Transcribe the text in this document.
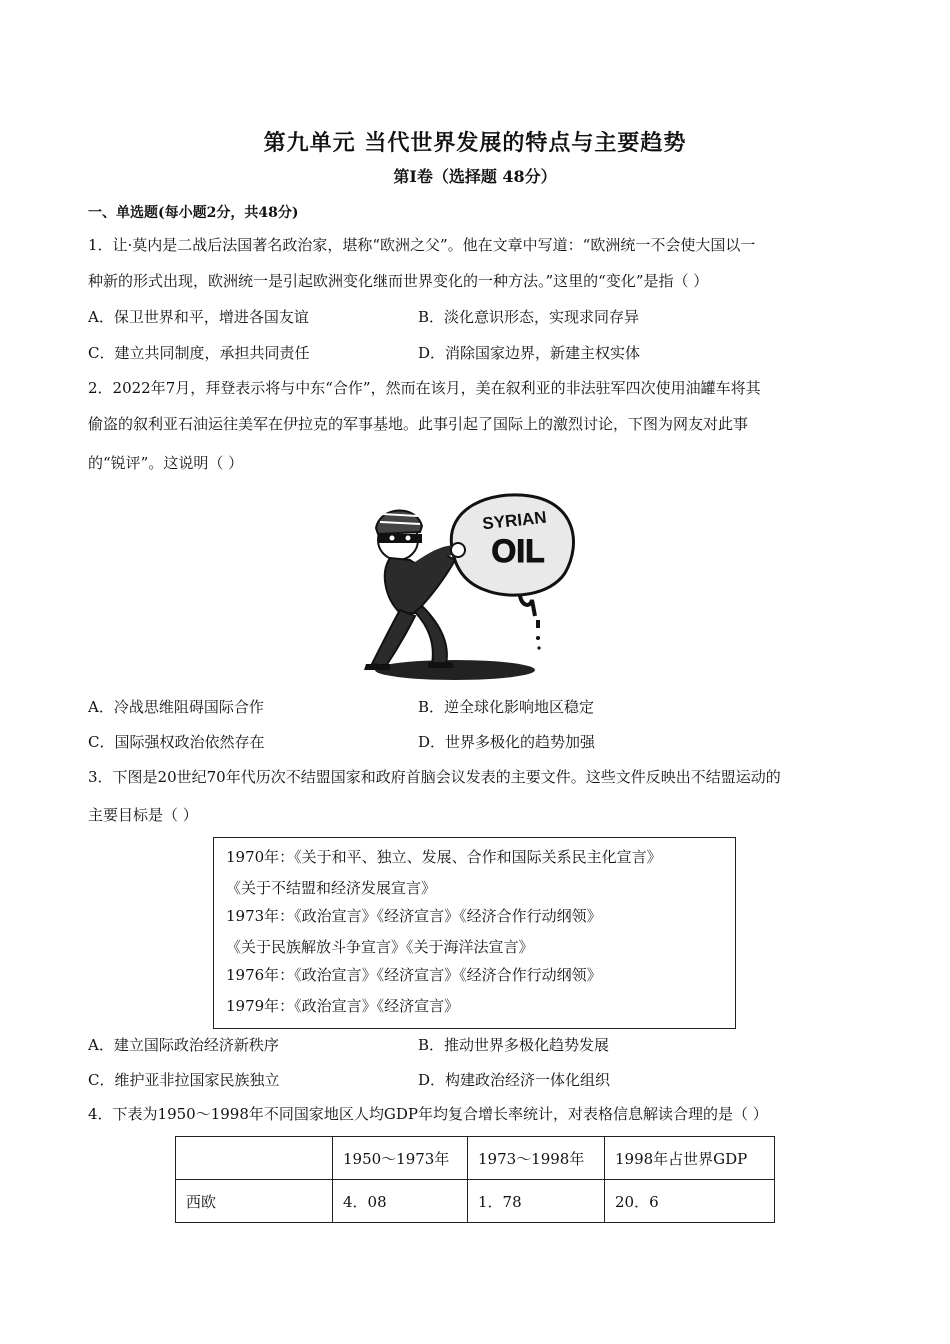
第九单元 当代世界发展的特点与主要趋势
第Ⅰ卷（选择题 48分）
一、单选题(每小题2分，共48分)
1．让·莫内是二战后法国著名政治家，堪称“欧洲之父”。他在文章中写道：“欧洲统一不会使大国以一
种新的形式出现，欧洲统一是引起欧洲变化继而世界变化的一种方法。”这里的“变化”是指（ ）
A．保卫世界和平，增进各国友谊	B．淡化意识形态，实现求同存异
C．建立共同制度，承担共同责任	D．消除国家边界，新建主权实体
2．2022年7月，拜登表示将与中东“合作”，然而在该月，美在叙利亚的非法驻军四次使用油罐车将其
偷盗的叙利亚石油运往美军在伊拉克的军事基地。此事引起了国际上的激烈讨论，下图为网友对此事
的“锐评”。这说明（ ）
SYRIAN
OIL
A．冷战思维阻碍国际合作	B．逆全球化影响地区稳定
C．国际强权政治依然存在	D．世界多极化的趋势加强
3．下图是20世纪70年代历次不结盟国家和政府首脑会议发表的主要文件。这些文件反映出不结盟运动的
主要目标是（ ）
1970年：《关于和平、独立、发展、合作和国际关系民主化宣言》
《关于不结盟和经济发展宣言》
1973年：《政治宣言》《经济宣言》《经济合作行动纲领》
《关于民族解放斗争宣言》《关于海洋法宣言》
1976年：《政治宣言》《经济宣言》《经济合作行动纲领》
1979年：《政治宣言》《经济宣言》
A．建立国际政治经济新秩序	B．推动世界多极化趋势发展
C．维护亚非拉国家民族独立	D．构建政治经济一体化组织
4．下表为1950～1998年不同国家地区人均GDP年均复合增长率统计，对表格信息解读合理的是（ ）
	1950～1973年	1973～1998年	1998年占世界GDP
西欧	4．08	1．78	20．6
